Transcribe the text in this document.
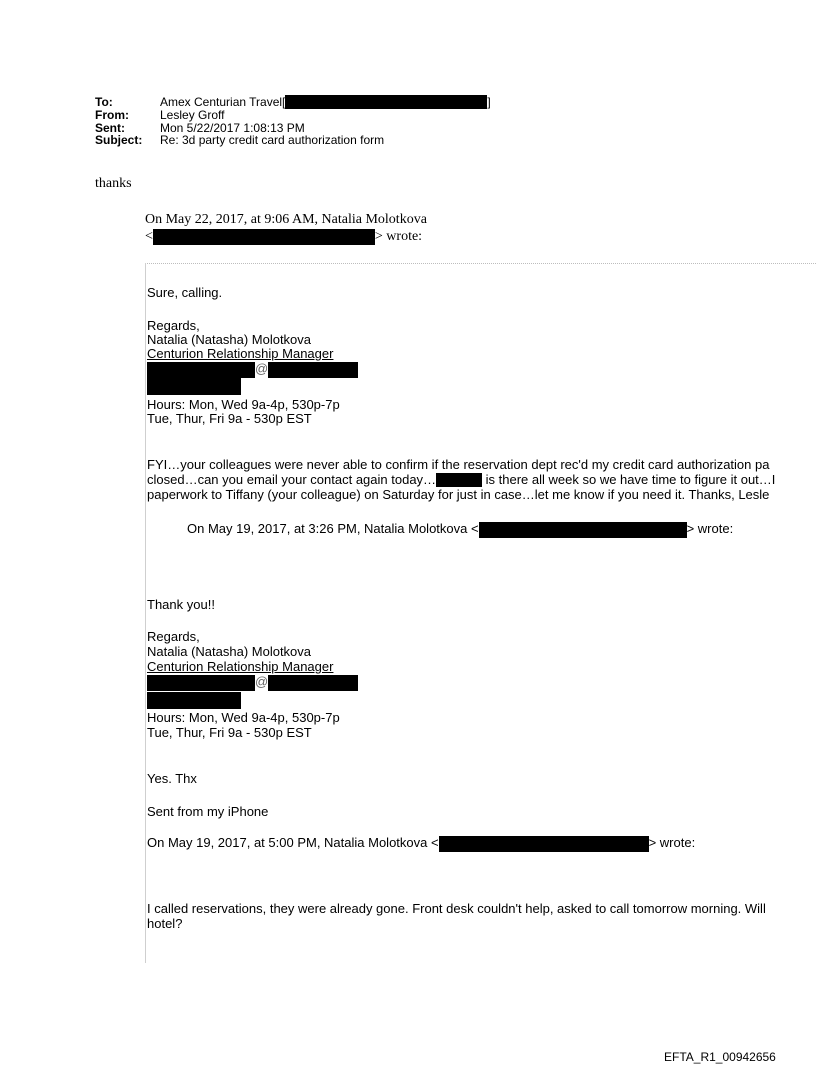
To:	Amex Centurian Travel[	]
From:	Lesley Groff
Sent:	Mon 5/22/2017 1:08:13 PM
Subject:	Re: 3d party credit card authorization form
thanks
On May 22, 2017, at 9:06 AM, Natalia Molotkova
<	> wrote:
Sure, calling.
Regards,
Natalia (Natasha) Molotkova
Centurion Relationship Manager
@
Hours: Mon, Wed 9a-4p, 530p-7p
Tue, Thur, Fri 9a - 530p EST
FYI…your colleagues were never able to confirm if the reservation dept rec'd my credit card authorization pa
closed…can you email your contact again today…	is there all week so we have time to figure it out…I
paperwork to Tiffany (your colleague) on Saturday for just in case…let me know if you need it. Thanks, Lesle
On May 19, 2017, at 3:26 PM, Natalia Molotkova <	> wrote:
Thank you!!
Regards,
Natalia (Natasha) Molotkova
Centurion Relationship Manager
@
Hours: Mon, Wed 9a-4p, 530p-7p
Tue, Thur, Fri 9a - 530p EST
Yes. Thx
Sent from my iPhone
On May 19, 2017, at 5:00 PM, Natalia Molotkova <	> wrote:
I called reservations, they were already gone. Front desk couldn't help, asked to call tomorrow morning. Will
hotel?
EFTA_R1_00942656
